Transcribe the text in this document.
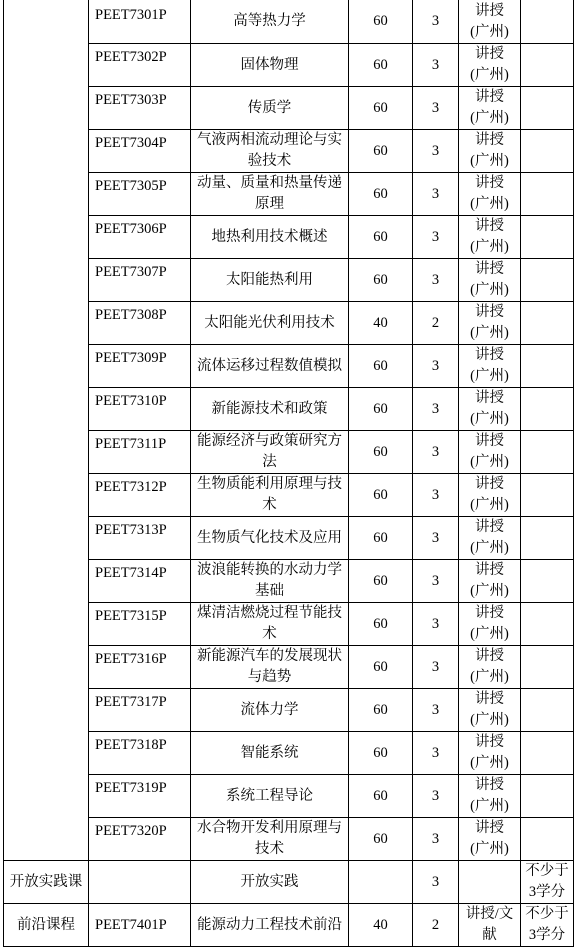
	PEET7301P	高等热力学	60	3	讲授
(广州)	
	PEET7302P	固体物理	60	3	讲授
(广州)	
	PEET7303P	传质学	60	3	讲授
(广州)	
	PEET7304P	气液两相流动理论与实验技术	60	3	讲授
(广州)	
	PEET7305P	动量、质量和热量传递原理	60	3	讲授
(广州)	
	PEET7306P	地热利用技术概述	60	3	讲授
(广州)	
	PEET7307P	太阳能热利用	60	3	讲授
(广州)	
	PEET7308P	太阳能光伏利用技术	40	2	讲授
(广州)	
	PEET7309P	流体运移过程数值模拟	60	3	讲授
(广州)	
	PEET7310P	新能源技术和政策	60	3	讲授
(广州)	
	PEET7311P	能源经济与政策研究方法	60	3	讲授
(广州)	
	PEET7312P	生物质能利用原理与技术	60	3	讲授
(广州)	
	PEET7313P	生物质气化技术及应用	60	3	讲授
(广州)	
	PEET7314P	波浪能转换的水动力学基础	60	3	讲授
(广州)	
	PEET7315P	煤清洁燃烧过程节能技术	60	3	讲授
(广州)	
	PEET7316P	新能源汽车的发展现状与趋势	60	3	讲授
(广州)	
	PEET7317P	流体力学	60	3	讲授
(广州)	
	PEET7318P	智能系统	60	3	讲授
(广州)	
	PEET7319P	系统工程导论	60	3	讲授
(广州)	
	PEET7320P	水合物开发利用原理与技术	60	3	讲授
(广州)	
开放实践课		开放实践		3		不少于3学分
前沿课程	PEET7401P	能源动力工程技术前沿	40	2	讲授/文献	不少于3学分
